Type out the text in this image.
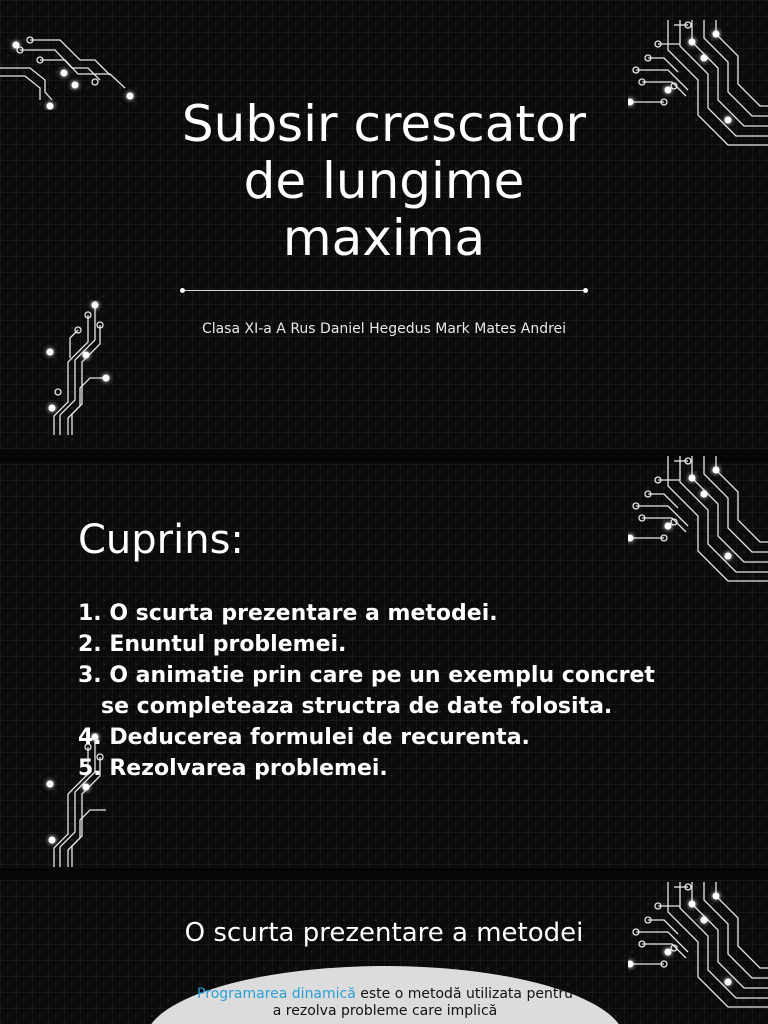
Subsir crescator
de lungime
maxima

Clasa XI-a A Rus Daniel Hegedus Mark Mates Andrei

Cuprins:
1. O scurta prezentare a metodei.
2. Enuntul problemei.
3. O animatie prin care pe un exemplu concret    se completeaza structra de date folosita.
4. Deducerea formulei de recurenta.
5. Rezolvarea problemei.
O scurta prezentare a metodei

Programarea dinamică este o metodă utilizata pentru a rezolva probleme care implică
